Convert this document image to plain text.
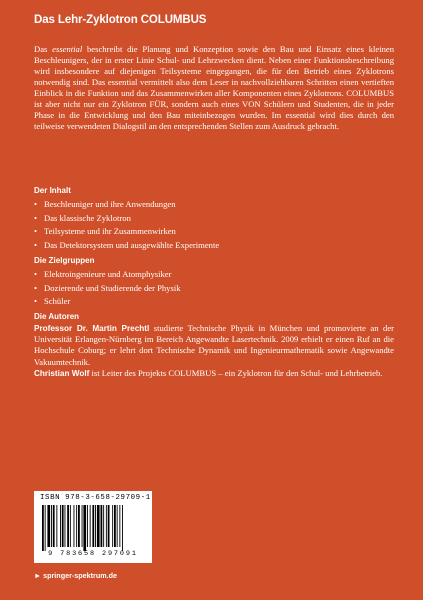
Das Lehr-Zyklotron COLUMBUS

Das essential beschreibt die Planung und Konzeption sowie den Bau und Einsatz eines kleinen Beschleunigers, der in erster Linie Schul- und Lehrzwecken dient. Neben einer Funktionsbeschreibung wird insbesondere auf diejenigen Teilsysteme eingegangen, die für den Betrieb eines Zyklotrons notwendig sind. Das essential vermittelt also dem Leser in nachvollziehbaren Schritten einen vertieften Einblick in die Funktion und das Zusammenwirken aller Komponenten eines Zyklotrons. COLUMBUS ist aber nicht nur ein Zyklotron FÜR, sondern auch eines VON Schülern und Studenten, die in jeder Phase in die Entwicklung und den Bau miteinbezogen wurden. Im essential wird dies durch den teilweise verwendeten Dialogstil an den entsprechenden Stellen zum Ausdruck gebracht.

Der Inhalt
• Beschleuniger und ihre Anwendungen
• Das klassische Zyklotron
• Teilsysteme und ihr Zusammenwirken
• Das Detektorsystem und ausgewählte Experimente
Die Zielgruppen
• Elektroingenieure und Atomphysiker
• Dozierende und Studierende der Physik
• Schüler
Die Autoren

Professor Dr. Martin Prechtl studierte Technische Physik in München und promovierte an der Universität Erlangen-Nürnberg im Bereich Angewandte Lasertechnik. 2009 erhielt er einen Ruf an die Hochschule Coburg; er lehrt dort Technische Dynamik und Ingenieurmathematik sowie Angewandte Vakuumtechnik.
Christian Wolf ist Leiter des Projekts COLUMBUS – ein Zyklotron für den Schul- und Lehrbetrieb.

ISBN 978-3-658-29709-1
9 783658 297091
► springer-spektrum.de
